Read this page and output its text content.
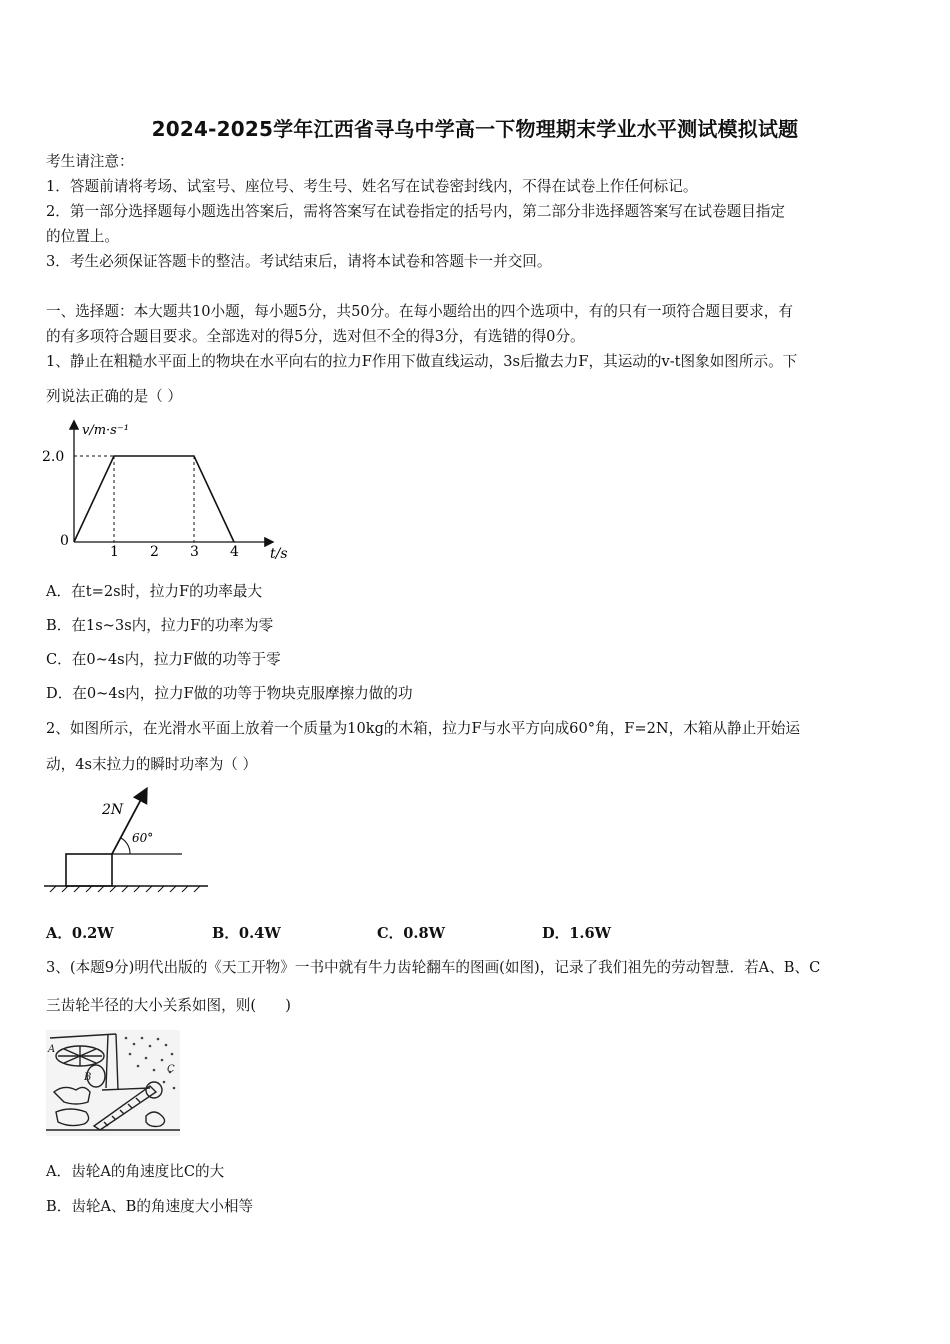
2024-2025学年江西省寻乌中学高一下物理期末学业水平测试模拟试题
考生请注意：
1．答题前请将考场、试室号、座位号、考生号、姓名写在试卷密封线内，不得在试卷上作任何标记。
2．第一部分选择题每小题选出答案后，需将答案写在试卷指定的括号内，第二部分非选择题答案写在试卷题目指定
的位置上。
3．考生必须保证答题卡的整洁。考试结束后，请将本试卷和答题卡一并交回。
一、选择题：本大题共10小题，每小题5分，共50分。在每小题给出的四个选项中，有的只有一项符合题目要求，有
的有多项符合题目要求。全部选对的得5分，选对但不全的得3分，有选错的得0分。
1、静止在粗糙水平面上的物块在水平向右的拉力F作用下做直线运动，3s后撤去力F，其运动的v-t图象如图所示。下
列说法正确的是（ ）
v/m·s⁻¹
2.0
0
1 2 3 4 t/s
A．在t=2s时，拉力F的功率最大
B．在1s~3s内，拉力F的功率为零
C．在0~4s内，拉力F做的功等于零
D．在0~4s内，拉力F做的功等于物块克服摩擦力做的功
2、如图所示，在光滑水平面上放着一个质量为10kg的木箱，拉力F与水平方向成60°角，F=2N，木箱从静止开始运
动，4s末拉力的瞬时功率为（ ）
2N
60°
A．0.2W	B．0.4W	C．0.8W	D．1.6W
3、(本题9分)明代出版的《天工开物》一书中就有牛力齿轮翻车的图画(如图)，记录了我们祖先的劳动智慧．若A、B、C
三齿轮半径的大小关系如图，则(　　)
A
B
C
A．齿轮A的角速度比C的大
B．齿轮A、B的角速度大小相等
